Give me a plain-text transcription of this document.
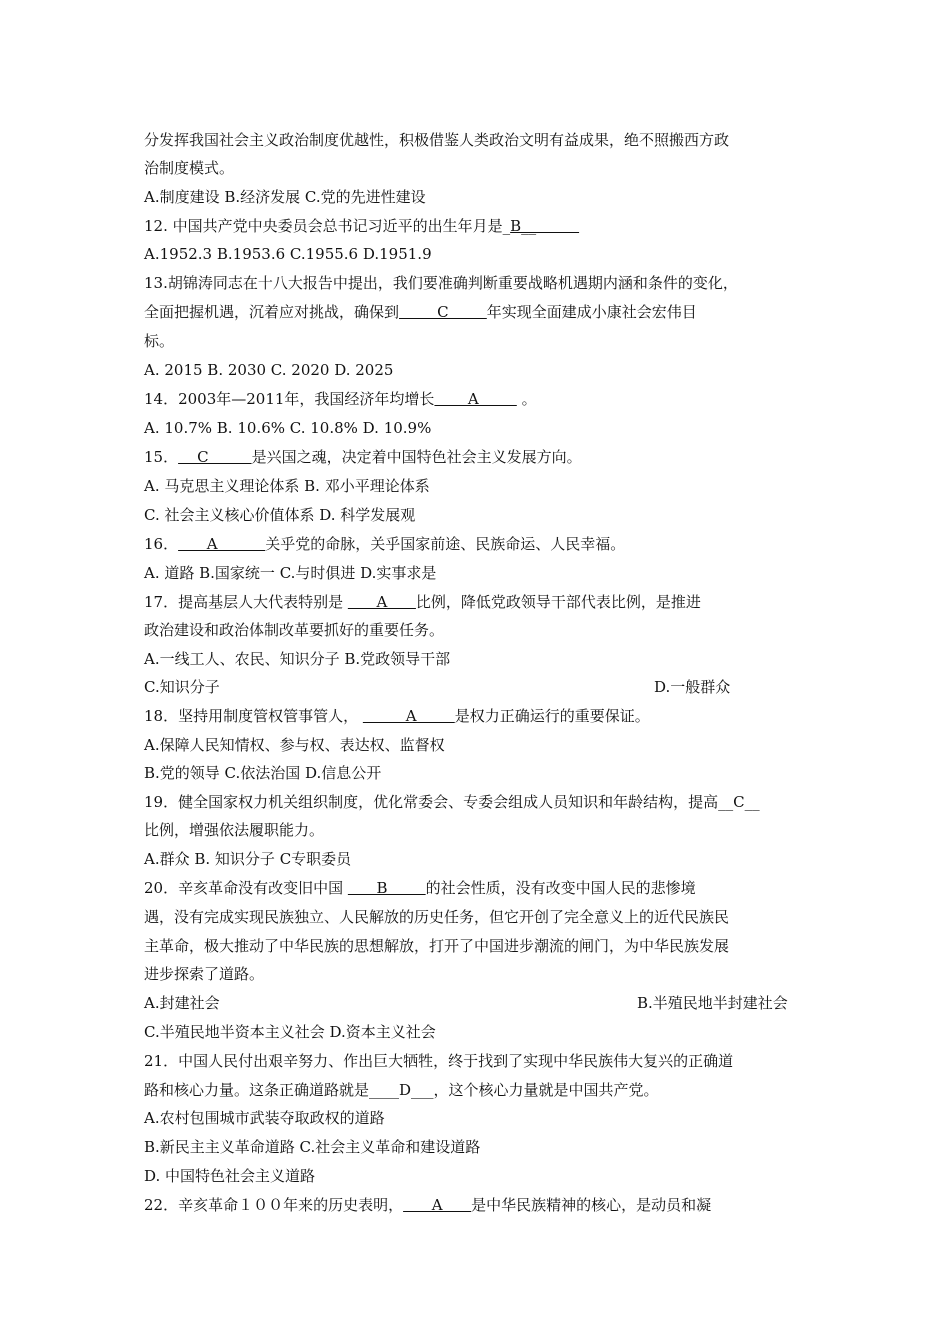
分发挥我国社会主义政治制度优越性，积极借鉴人类政治文明有益成果，绝不照搬西方政
治制度模式。
A.制度建设 B.经济发展 C.党的先进性建设
12. 中国共产党中央委员会总书记习近平的出生年月是_B__
A.1952.3 B.1953.6 C.1955.6 D.1951.9
13.胡锦涛同志在十八大报告中提出，我们要准确判断重要战略机遇期内涵和条件的变化，
全面把握机遇，沉着应对挑战，确保到        C        年实现全面建成小康社会宏伟目
标。
A. 2015 B. 2030 C. 2020 D. 2025
14．2003年—2011年，我国经济年均增长       A         。
A. 10.7% B. 10.6% C. 10.8% D. 10.9%
15．    C         是兴国之魂，决定着中国特色社会主义发展方向。
A. 马克思主义理论体系 B. 邓小平理论体系
C. 社会主义核心价值体系 D. 科学发展观
16．      A          关乎党的命脉，关乎国家前途、民族命运、人民幸福。
A. 道路 B.国家统一 C.与时俱进 D.实事求是
17．提高基层人大代表特别是       A      比例，降低党政领导干部代表比例，是推进
政治建设和政治体制改革要抓好的重要任务。
A.一线工人、农民、知识分子 B.党政领导干部
C.知识分子	D.一般群众
18．坚持用制度管权管事管人，          A        是权力正确运行的重要保证。
A.保障人民知情权、参与权、表达权、监督权
B.党的领导 C.依法治国 D.信息公开
19．健全国家权力机关组织制度，优化常委会、专委会组成人员知识和年龄结构，提高__C__
比例，增强依法履职能力。
A.群众 B. 知识分子 C专职委员
20．辛亥革命没有改变旧中国       B        的社会性质，没有改变中国人民的悲惨境
遇，没有完成实现民族独立、人民解放的历史任务，但它开创了完全意义上的近代民族民
主革命，极大推动了中华民族的思想解放，打开了中国进步潮流的闸门，为中华民族发展
进步探索了道路。
A.封建社会	B.半殖民地半封建社会
C.半殖民地半资本主义社会 D.资本主义社会
21．中国人民付出艰辛努力、作出巨大牺牲，终于找到了实现中华民族伟大复兴的正确道
路和核心力量。这条正确道路就是____D___，这个核心力量就是中国共产党。
A.农村包围城市武装夺取政权的道路
B.新民主主义革命道路 C.社会主义革命和建设道路
D. 中国特色社会主义道路
22．辛亥革命１００年来的历史表明，      A      是中华民族精神的核心，是动员和凝
